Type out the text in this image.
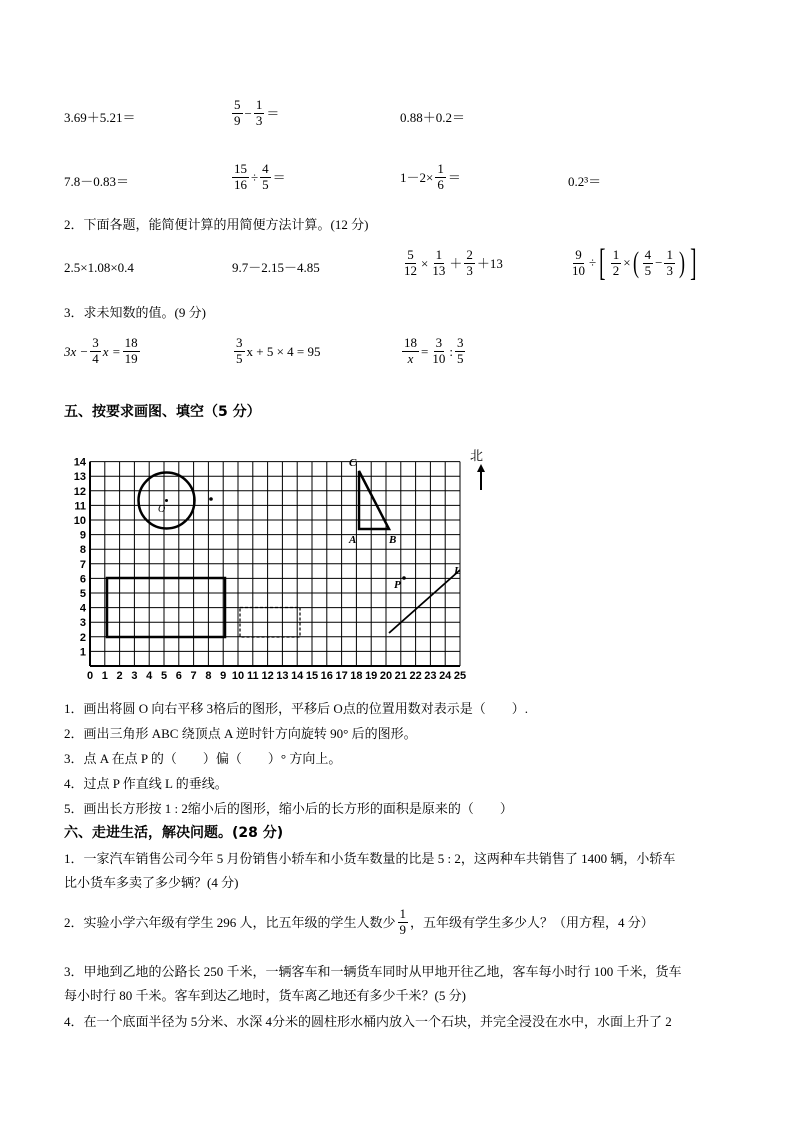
3.69＋5.21＝	$\frac{5}{9} - \frac{1}{3}$ ＝	0.88＋0.2＝
7.8－0.83＝	$\frac{15}{16} \div \frac{4}{5}$ ＝	$1-2\times \frac{1}{6}$ ＝	0.2³＝
2．下面各题，能简便计算的用简便方法计算。(12 分)
2.5×1.08×0.4	9.7－2.15－4.85	$\frac{5}{12} \times \frac{1}{13} + \frac{2}{3} +13$	$\frac{9}{10}$ ÷ [ $\frac{1}{2}$ × ( $\frac{4}{5} - \frac{1}{3}$ ) ]
3．求未知数的值。(9 分)
$3x - \frac{3}{4}$ $x = \frac{18}{19}$	$\frac{3}{5}$ x + 5 × 4 = 95	$\frac{18}{x} = \frac{3}{10}$ : $\frac{3}{5}$
五、按要求画图、填空（5 分）
0 1 2 3 4 5 6 7 8 9 10 11 12 13 14 15 16 17 18 19 20 21 22 23 24 25
1
2
3
4
5
6
7
8
9
10
11
12
13
14
O
C
A	B
L
P
北
1．画出将圆 O 向右平移 3格后的图形，平移后 O点的位置用数对表示是（　　）.
2．画出三角形 ABC 绕顶点 A 逆时针方向旋转 90° 后的图形。
3．点 A 在点 P 的（　　）偏（　　）° 方向上。
4．过点 P 作直线 L 的垂线。
5．画出长方形按 1 : 2缩小后的图形，缩小后的长方形的面积是原来的（　　）
六、走进生活，解决问题。(28 分)
1．一家汽车销售公司今年 5 月份销售小轿车和小货车数量的比是 5 : 2，这两种车共销售了 1400 辆，小轿车
比小货车多卖了多少辆？(4 分)
2．实验小学六年级有学生 296 人，比五年级的学生人数少 $\frac{1}{9}$ ，五年级有学生多少人？（用方程，4 分）
3．甲地到乙地的公路长 250 千米，一辆客车和一辆货车同时从甲地开往乙地，客车每小时行 100 千米，货车
每小时行 80 千米。客车到达乙地时，货车离乙地还有多少千米？(5 分)
4．在一个底面半径为 5分米、水深 4分米的圆柱形水桶内放入一个石块，并完全浸没在水中，水面上升了 2
